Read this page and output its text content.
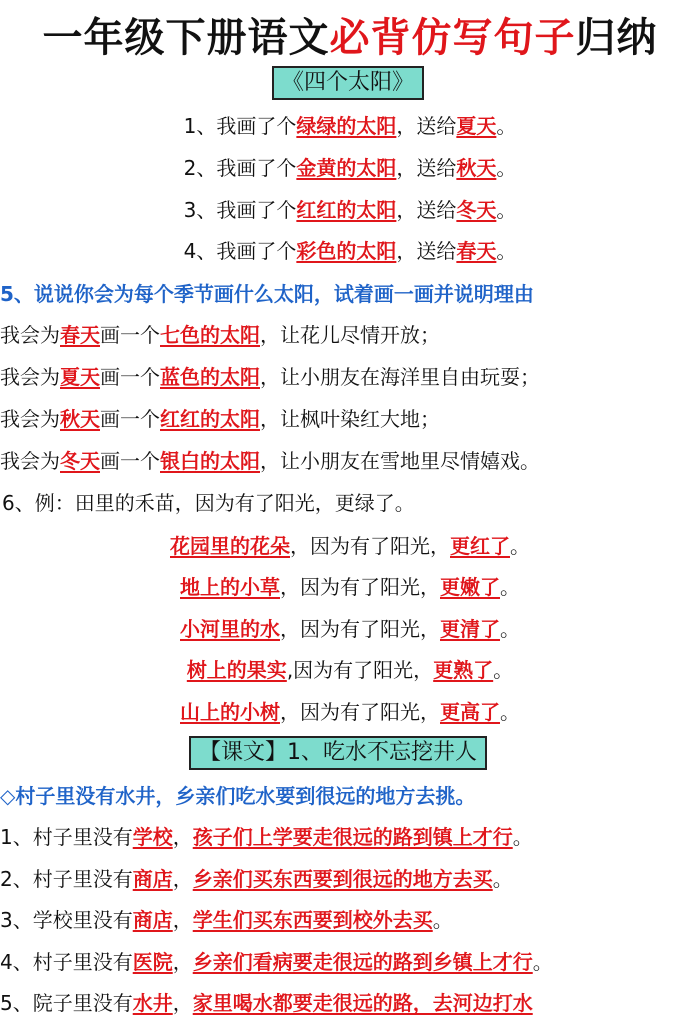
一年级下册语文必背仿写句子归纳
《四个太阳》
1、我画了个绿绿的太阳，送给夏天。
2、我画了个金黄的太阳，送给秋天。
3、我画了个红红的太阳，送给冬天。
4、我画了个彩色的太阳，送给春天。
5、说说你会为每个季节画什么太阳，试着画一画并说明理由
我会为春天画一个七色的太阳，让花儿尽情开放；
我会为夏天画一个蓝色的太阳，让小朋友在海洋里自由玩耍；
我会为秋天画一个红红的太阳，让枫叶染红大地；
我会为冬天画一个银白的太阳，让小朋友在雪地里尽情嬉戏。
6、例：田里的禾苗，因为有了阳光，更绿了。
花园里的花朵，因为有了阳光，更红了。
地上的小草，因为有了阳光，更嫩了。
小河里的水，因为有了阳光，更清了。
树上的果实,因为有了阳光，更熟了。
山上的小树，因为有了阳光，更高了。
【课文】1、吃水不忘挖井人
◇村子里没有水井，乡亲们吃水要到很远的地方去挑。
1、村子里没有学校，孩子们上学要走很远的路到镇上才行。
2、村子里没有商店，乡亲们买东西要到很远的地方去买。
3、学校里没有商店，学生们买东西要到校外去买。
4、村子里没有医院，乡亲们看病要走很远的路到乡镇上才行。
5、院子里没有水井，家里喝水都要走很远的路，去河边打水
